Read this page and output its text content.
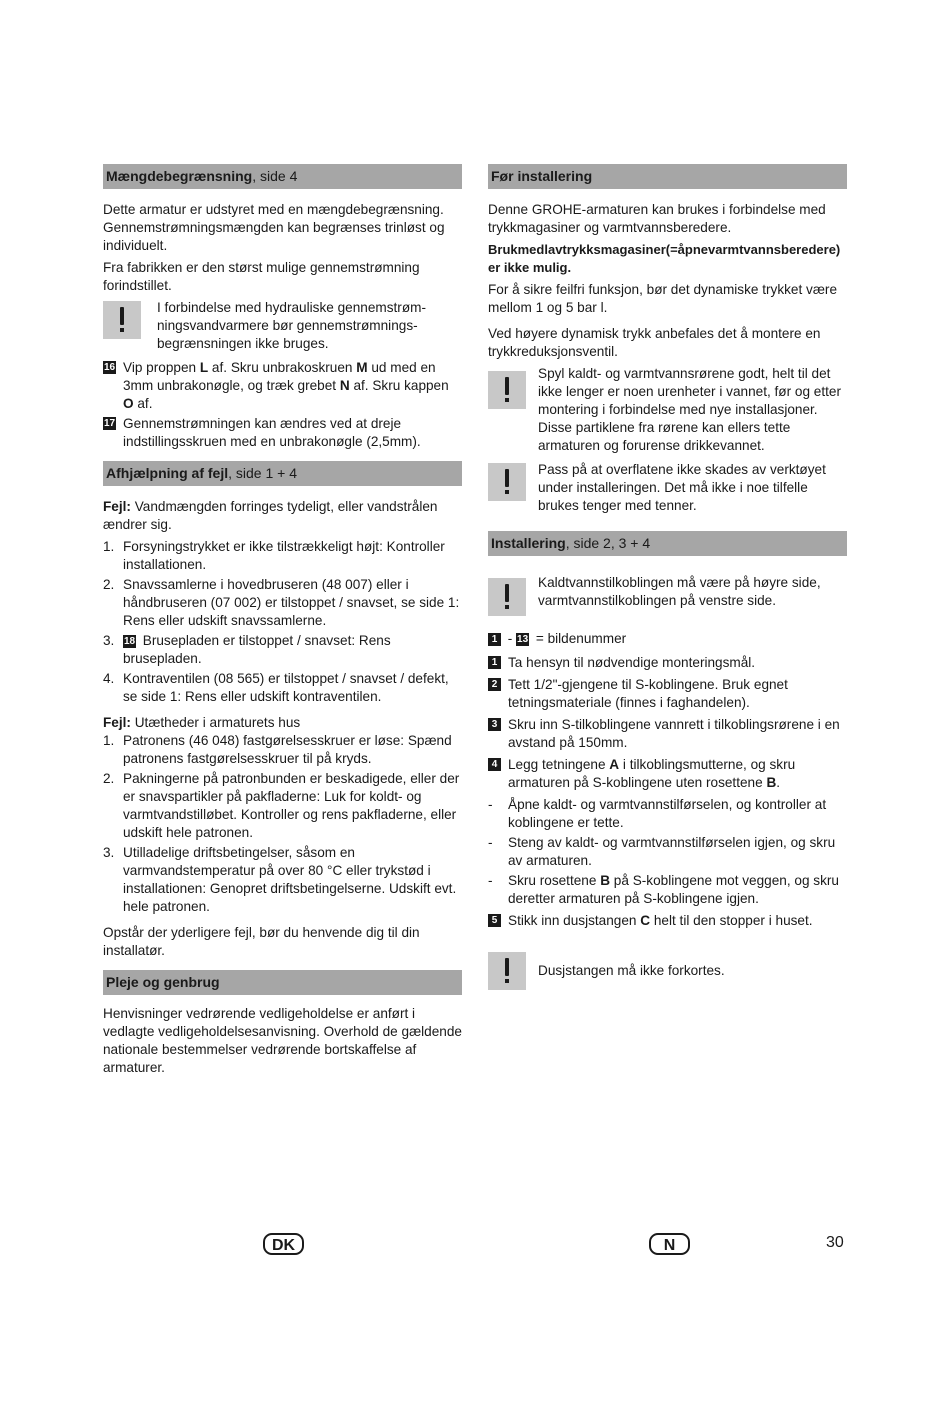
Mængdebegrænsning, side 4

Dette armatur er udstyret med en mængdebegrænsning. Gennemstrømningsmængden kan begrænses trinløst og individuelt.

Fra fabrikken er den størst mulige gennemstrømning forindstillet.

I forbindelse med hydrauliske gennemstrømningsvandvarmere bør gennemstrømningsbegrænsningen ikke bruges.
16 Vip proppen L af. Skru unbrakoskruen M ud med en 3mm unbrakonøgle, og træk grebet N af. Skru kappen O af.
17 Gennemstrømningen kan ændres ved at dreje indstillingsskruen med en unbrakonøgle (2,5mm).
Afhjælpning af fejl, side 1 + 4

Fejl: Vandmængden forringes tydeligt, eller vandstrålen ændrer sig.

1. Forsyningstrykket er ikke tilstrækkeligt højt: Kontroller installationen.
2. Snavssamlerne i hovedbruseren (48 007) eller i håndbruseren (07 002) er tilstoppet / snavset, se side 1: Rens eller udskift snavssamlerne.
3. 18 Brusepladen er tilstoppet / snavset: Rens brusepladen.
4. Kontraventilen (08 565) er tilstoppet / snavset / defekt, se side 1: Rens eller udskift kontraventilen.

Fejl: Utætheder i armaturets hus

1. Patronens (46 048) fastgørelsesskruer er løse: Spænd patronens fastgørelsesskruer til på kryds.
2. Pakningerne på patronbunden er beskadigede, eller der er snavspartikler på pakfladerne: Luk for koldt- og varmtvandstilløbet. Kontroller og rens pakfladerne, eller udskift hele patronen.
3. Utilladelige driftsbetingelser, såsom en varmvandstemperatur på over 80 °C eller trykstød i installationen: Genopret driftsbetingelserne. Udskift evt. hele patronen.

Opstår der yderligere fejl, bør du henvende dig til din installatør.

Pleje og genbrug

Henvisninger vedrørende vedligeholdelse er anført i vedlagte vedligeholdelsesanvisning. Overhold de gældende nationale bestemmelser vedrørende bortskaffelse af armaturer.

Før installering

Denne GROHE-armaturen kan brukes i forbindelse med trykkmagasiner og varmtvannsberedere.

Brukmedlavtrykksmagasiner(=åpnevarmtvannsberedere) er ikke mulig.

For å sikre feilfri funksjon, bør det dynamiske trykket være mellom 1 og 5 bar l.

Ved høyere dynamisk trykk anbefales det å montere en trykkreduksjonsventil.

Spyl kaldt- og varmtvannsrørene godt, helt til det ikke lenger er noen urenheter i vannet, før og etter montering i forbindelse med nye installasjoner. Disse partiklene fra rørene kan ellers tette armaturen og forurense drikkevannet.
Pass på at overflatene ikke skades av verktøyet under installeringen. Det må ikke i noe tilfelle brukes tenger med tenner.
Installering, side 2, 3 + 4
Kaldtvannstilkoblingen må være på høyre side, varmtvannstilkoblingen på venstre side.

1 - 13 = bildenummer

1 Ta hensyn til nødvendige monteringsmål.
2 Tett 1/2"-gjengene til S-koblingene. Bruk egnet tetningsmateriale (finnes i faghandelen).
3 Skru inn S-tilkoblingene vannrett i tilkoblingsrørene i en avstand på 150mm.
4 Legg tetningene A i tilkoblingsmutterne, og skru armaturen på S-koblingene uten rosettene B.
- Åpne kaldt- og varmtvannstilførselen, og kontroller at koblingene er tette.
- Steng av kaldt- og varmtvannstilførselen igjen, og skru av armaturen.
- Skru rosettene B på S-koblingene mot veggen, og skru deretter armaturen på S-koblingene igjen.
5 Stikk inn dusjstangen C helt til den stopper i huset.
Dusjstangen må ikke forkortes.
DK	N	30
